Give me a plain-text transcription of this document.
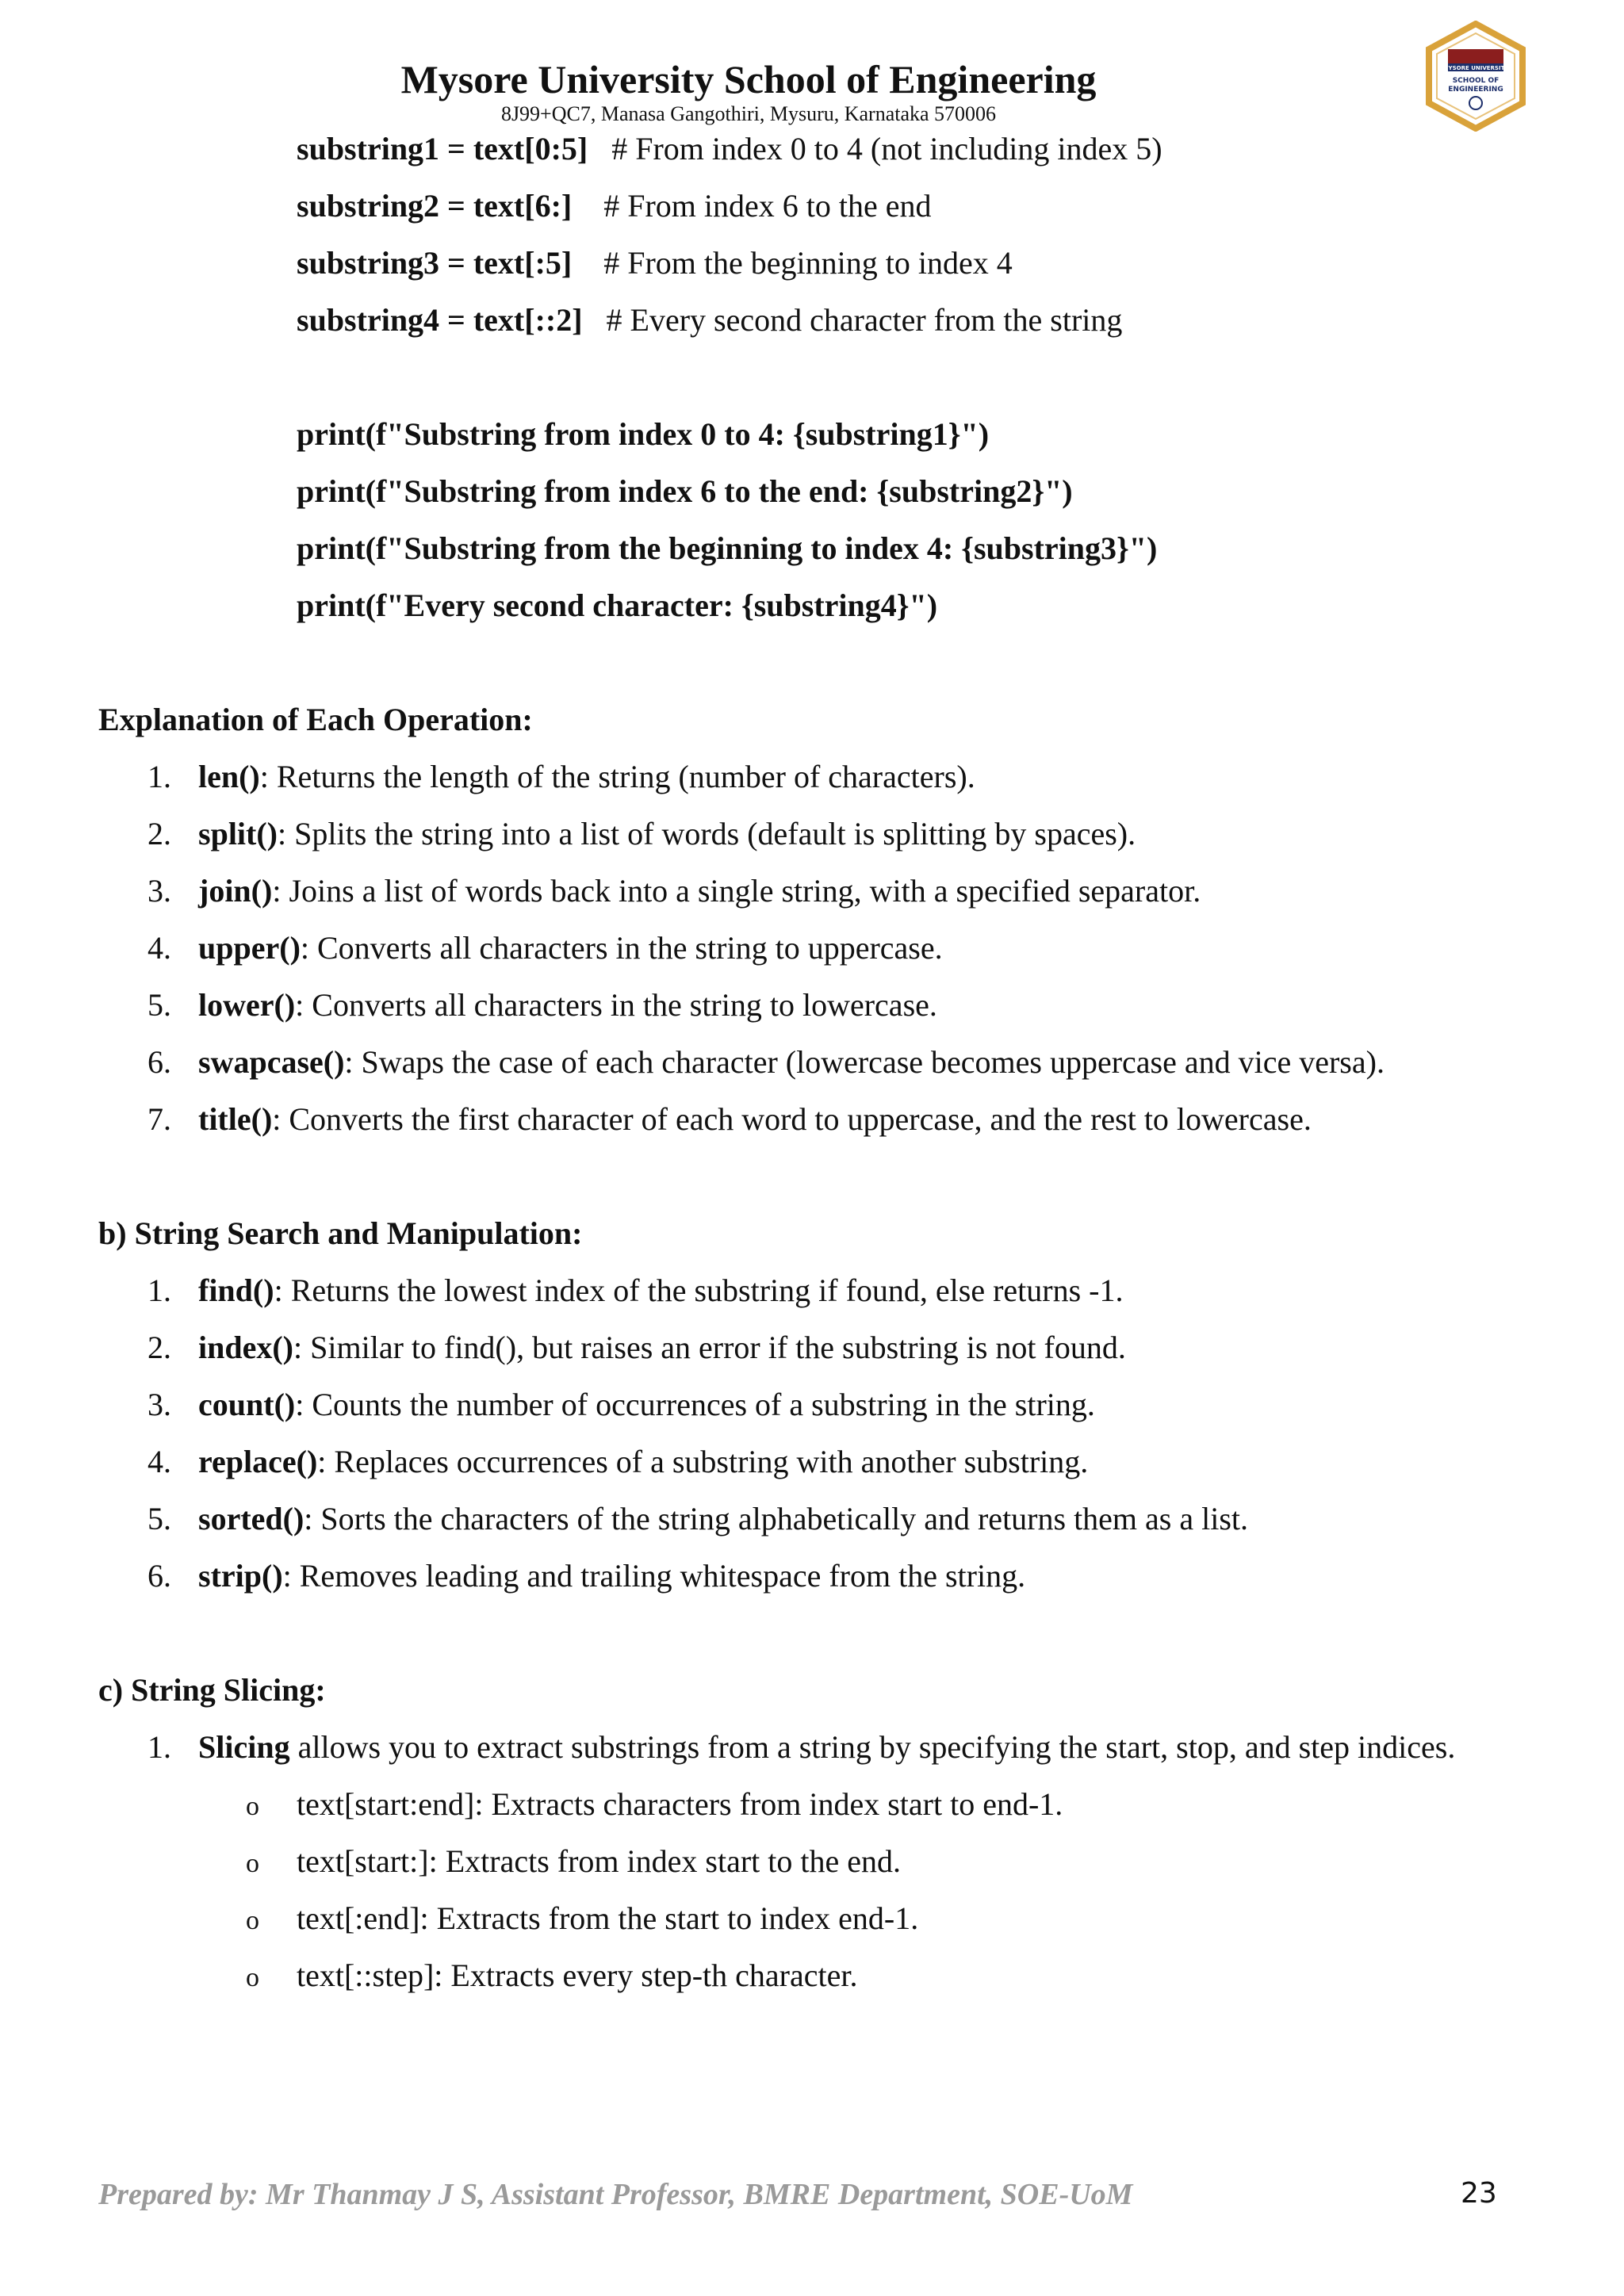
Mysore University School of Engineering
8J99+QC7, Manasa Gangothiri, Mysuru, Karnataka 570006
MYSORE UNIVERSITY
SCHOOL OF
ENGINEERING
substring1 = text[0:5] # From index 0 to 4 (not including index 5)
substring2 = text[6:] # From index 6 to the end
substring3 = text[:5] # From the beginning to index 4
substring4 = text[::2] # Every second character from the string
print(f"Substring from index 0 to 4: {substring1}")
print(f"Substring from index 6 to the end: {substring2}")
print(f"Substring from the beginning to index 4: {substring3}")
print(f"Every second character: {substring4}")
Explanation of Each Operation:
1. len(): Returns the length of the string (number of characters).
2. split(): Splits the string into a list of words (default is splitting by spaces).
3. join(): Joins a list of words back into a single string, with a specified separator.
4. upper(): Converts all characters in the string to uppercase.
5. lower(): Converts all characters in the string to lowercase.
6. swapcase(): Swaps the case of each character (lowercase becomes uppercase and vice versa).
7. title(): Converts the first character of each word to uppercase, and the rest to lowercase.
b) String Search and Manipulation:
1. find(): Returns the lowest index of the substring if found, else returns -1.
2. index(): Similar to find(), but raises an error if the substring is not found.
3. count(): Counts the number of occurrences of a substring in the string.
4. replace(): Replaces occurrences of a substring with another substring.
5. sorted(): Sorts the characters of the string alphabetically and returns them as a list.
6. strip(): Removes leading and trailing whitespace from the string.
c) String Slicing:
1. Slicing allows you to extract substrings from a string by specifying the start, stop, and step indices.
o text[start:end]: Extracts characters from index start to end-1.
o text[start:]: Extracts from index start to the end.
o text[:end]: Extracts from the start to index end-1.
o text[::step]: Extracts every step-th character.
Prepared by: Mr Thanmay J S, Assistant Professor, BMRE Department, SOE-UoM	23
